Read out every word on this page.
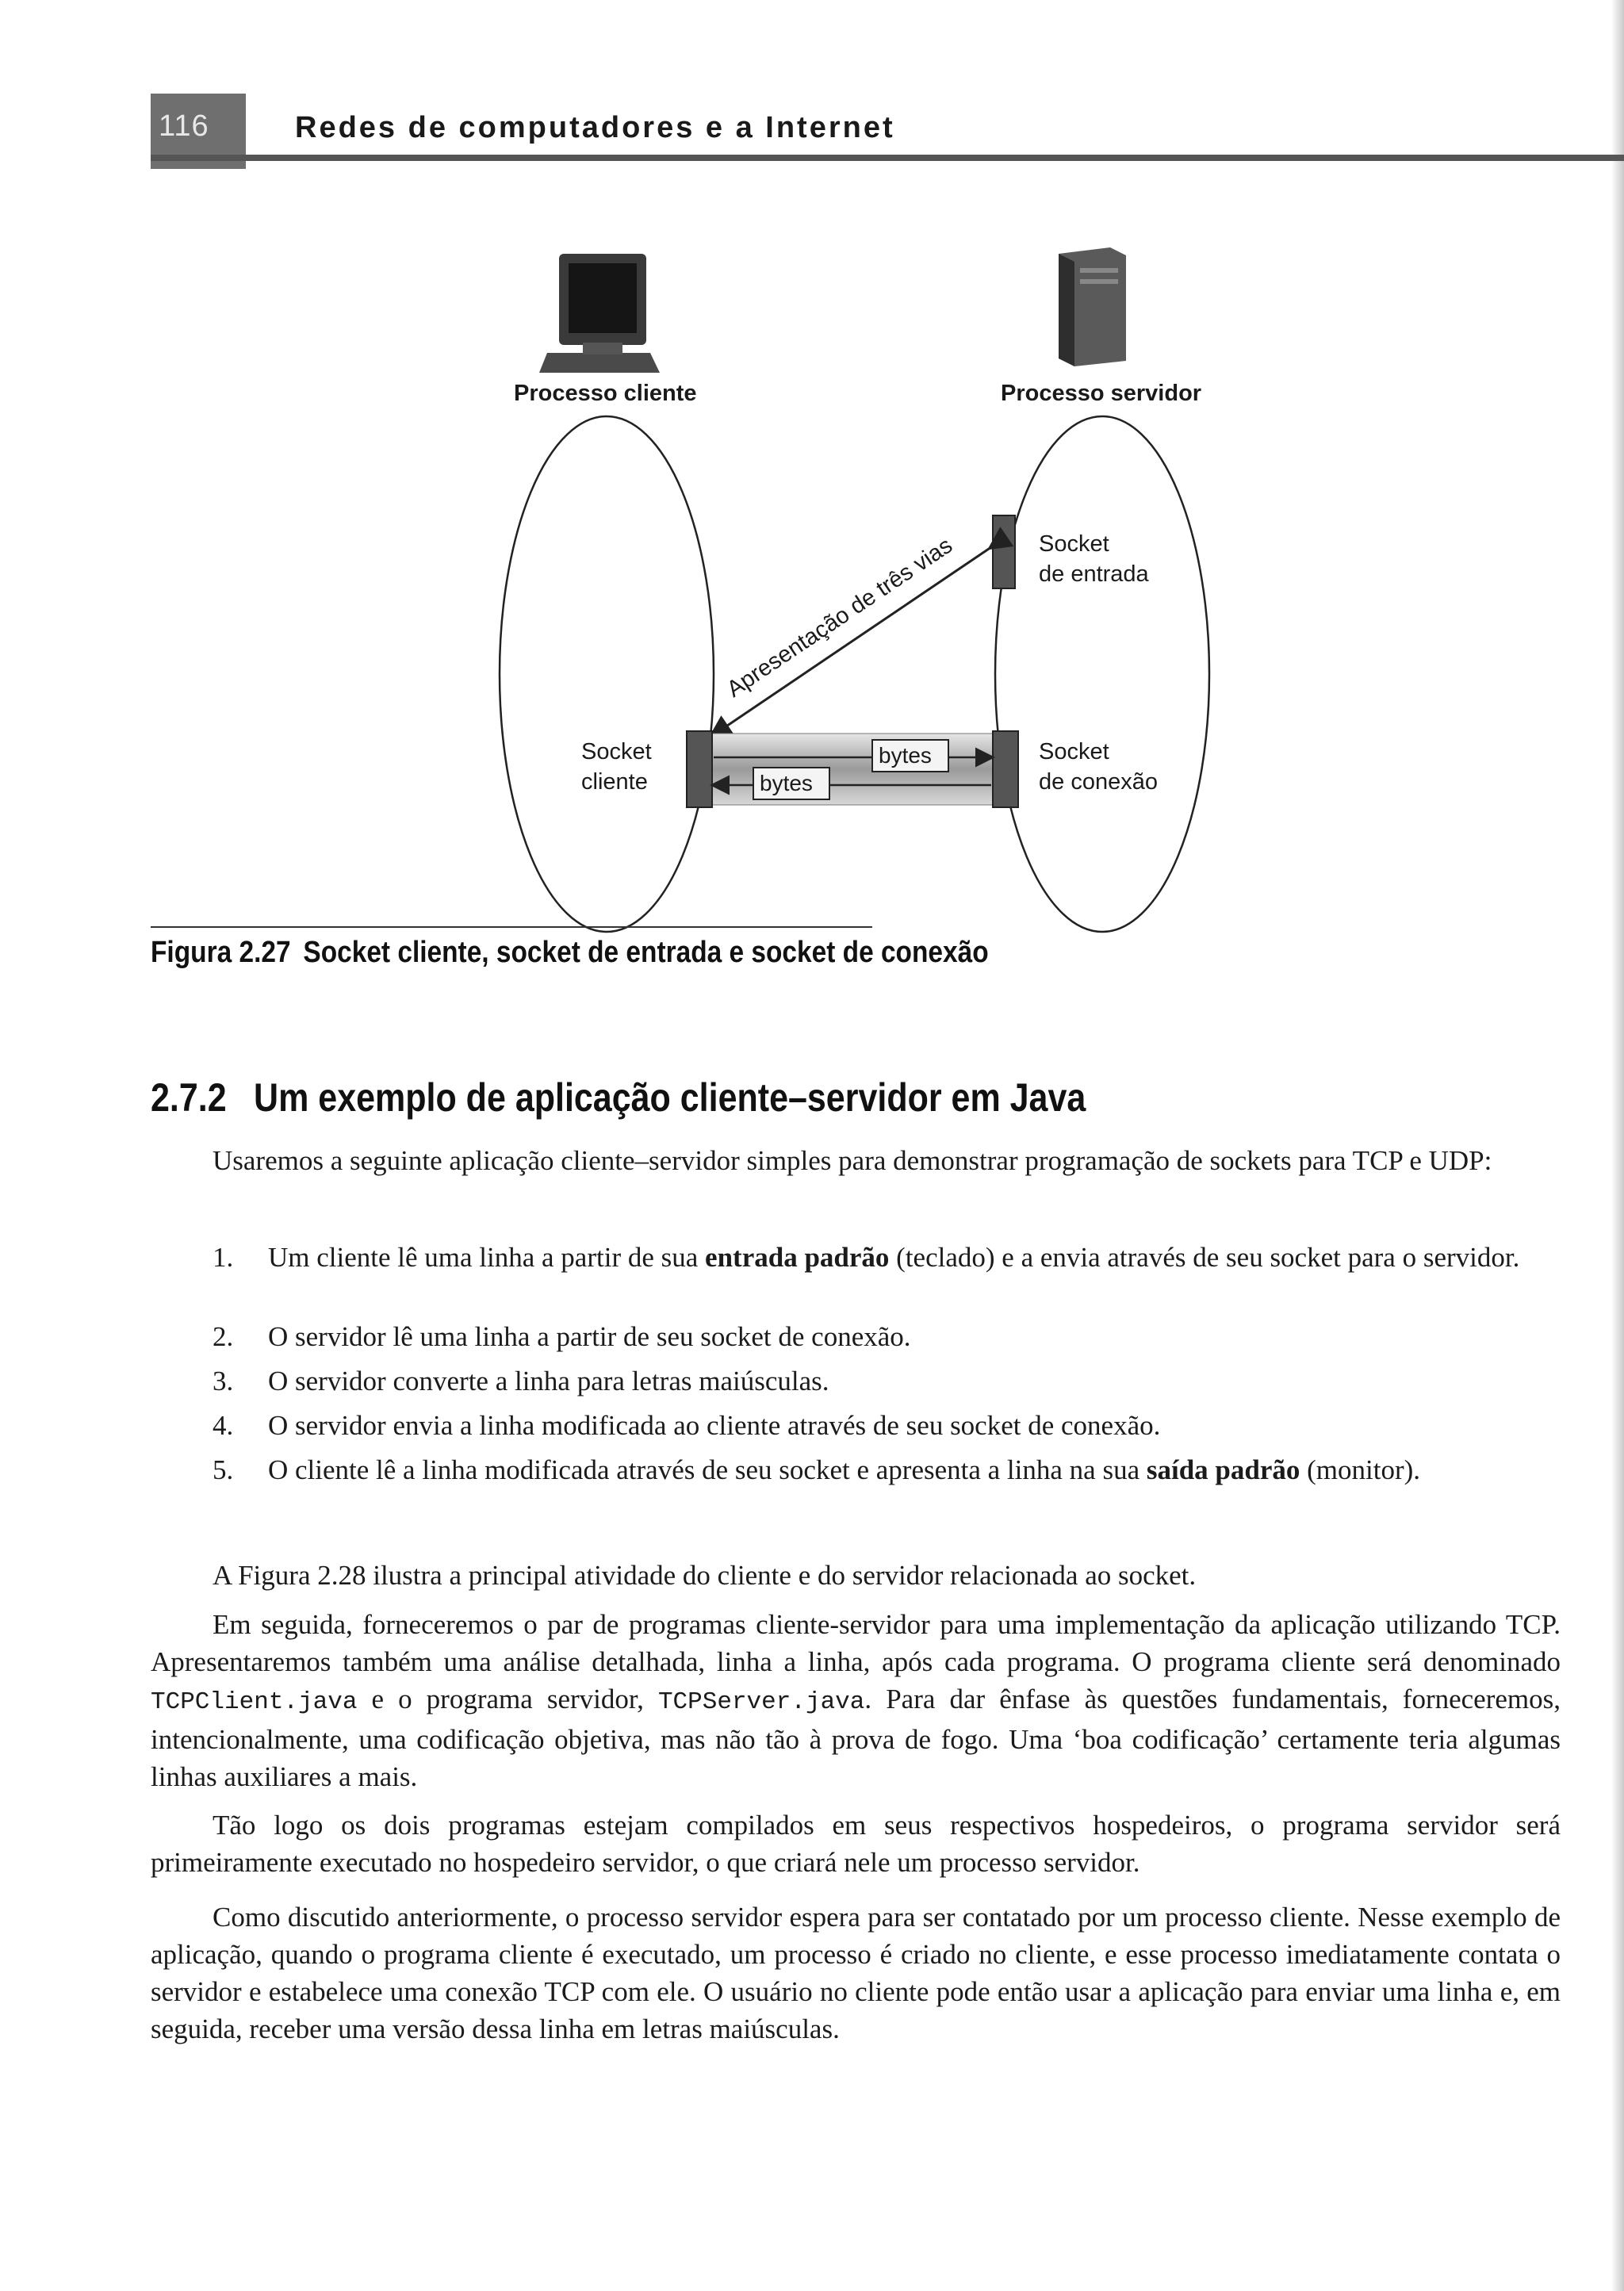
116	Redes de computadores e a Internet
Processo cliente	Processo servidor
Socket
de entrada
Apresentação de três vias
Socket
cliente
Socket
de conexão
bytes
bytes
Figura 2.27 Socket cliente, socket de entrada e socket de conexão
2.7.2 Um exemplo de aplicação cliente–servidor em Java
Usaremos a seguinte aplicação cliente–servidor simples para demonstrar programação de sockets para TCP e UDP:
1. Um cliente lê uma linha a partir de sua entrada padrão (teclado) e a envia através de seu socket para o servidor.
2. O servidor lê uma linha a partir de seu socket de conexão.
3. O servidor converte a linha para letras maiúsculas.
4. O servidor envia a linha modificada ao cliente através de seu socket de conexão.
5. O cliente lê a linha modificada através de seu socket e apresenta a linha na sua saída padrão (monitor).
A Figura 2.28 ilustra a principal atividade do cliente e do servidor relacionada ao socket.
Em seguida, forneceremos o par de programas cliente-servidor para uma implementação da aplicação utilizando TCP. Apresentaremos também uma análise detalhada, linha a linha, após cada programa. O programa cliente será denominado TCPClient.java e o programa servidor, TCPServer.java. Para dar ênfase às questões fundamentais, forneceremos, intencionalmente, uma codificação objetiva, mas não tão à prova de fogo. Uma ‘boa codificação’ certamente teria algumas linhas auxiliares a mais.
Tão logo os dois programas estejam compilados em seus respectivos hospedeiros, o programa servidor será primeiramente executado no hospedeiro servidor, o que criará nele um processo servidor.
Como discutido anteriormente, o processo servidor espera para ser contatado por um processo cliente. Nesse exemplo de aplicação, quando o programa cliente é executado, um processo é criado no cliente, e esse processo imediatamente contata o servidor e estabelece uma conexão TCP com ele. O usuário no cliente pode então usar a aplicação para enviar uma linha e, em seguida, receber uma versão dessa linha em letras maiúsculas.
